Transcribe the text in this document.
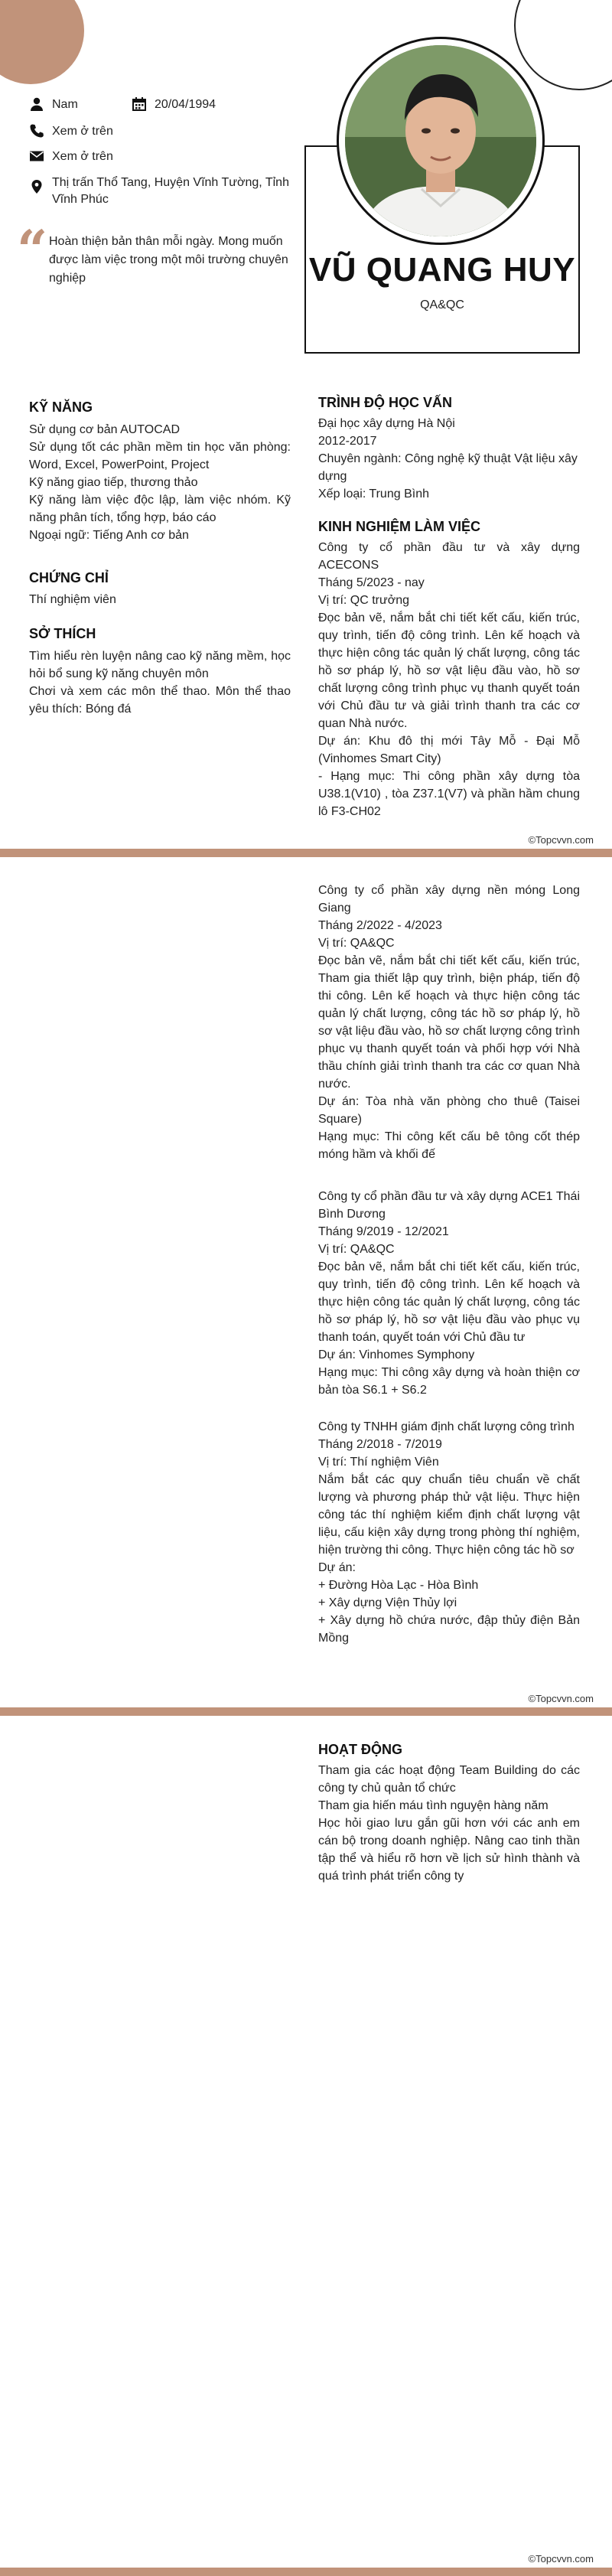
Nam	20/04/1994
Xem ở trên
Xem ở trên
Thị trấn Thổ Tang, Huyện Vĩnh Tường, Tỉnh Vĩnh Phúc
“ Hoàn thiện bản thân mỗi ngày. Mong muốn được làm việc trong một môi trường chuyên nghiệp	VŨ QUANG HUY
QA&QC
KỸ NĂNG

Sử dụng cơ bản AUTOCAD

Sử dụng tốt các phần mềm tin học văn phòng: Word, Excel, PowerPoint, Project

Kỹ năng giao tiếp, thương thảo

Kỹ năng làm việc độc lập, làm việc nhóm. Kỹ năng phân tích, tổng hợp, báo cáo

Ngoại ngữ: Tiếng Anh cơ bản

CHỨNG CHỈ

Thí nghiệm viên

SỞ THÍCH

Tìm hiểu rèn luyện nâng cao kỹ năng mềm, học hỏi bổ sung kỹ năng chuyên môn

Chơi và xem các môn thể thao. Môn thể thao yêu thích: Bóng đá

TRÌNH ĐỘ HỌC VẤN

Đại học xây dựng Hà Nội

2012-2017

Chuyên ngành: Công nghệ kỹ thuật Vật liệu xây dựng

Xếp loại: Trung Bình

KINH NGHIỆM LÀM VIỆC

Công ty cổ phần đầu tư và xây dựng ACECONS

Tháng 5/2023 - nay

Vị trí: QC trưởng

Đọc bản vẽ, nắm bắt chi tiết kết cấu, kiến trúc, quy trình, tiến độ công trình. Lên kế hoạch và thực hiện công tác quản lý chất lượng, công tác hồ sơ pháp lý, hồ sơ vật liệu đầu vào, hồ sơ chất lượng công trình phục vụ thanh quyết toán với Chủ đầu tư và giải trình thanh tra các cơ quan Nhà nước.

Dự án: Khu đô thị mới Tây Mỗ - Đại Mỗ (Vinhomes Smart City)

- Hạng mục: Thi công phần xây dựng tòa U38.1(V10) , tòa Z37.1(V7) và phần hầm chung lô F3-CH02

©Topcvvn.com

Công ty cổ phần xây dựng nền móng Long Giang

Tháng 2/2022 - 4/2023

Vị trí: QA&QC

Đọc bản vẽ, nắm bắt chi tiết kết cấu, kiến trúc, Tham gia thiết lập quy trình, biện pháp, tiến độ thi công. Lên kế hoạch và thực hiện công tác quản lý chất lượng, công tác hồ sơ pháp lý, hồ sơ vật liệu đầu vào, hồ sơ chất lượng công trình phục vụ thanh quyết toán và phối hợp với Nhà thầu chính giải trình thanh tra các cơ quan Nhà nước.

Dự án: Tòa nhà văn phòng cho thuê (Taisei Square)

Hạng mục: Thi công kết cấu bê tông cốt thép móng hầm và khối đế

Công ty cổ phần đầu tư và xây dựng ACE1 Thái Bình Dương

Tháng 9/2019 - 12/2021

Vị trí: QA&QC

Đọc bản vẽ, nắm bắt chi tiết kết cấu, kiến trúc, quy trình, tiến độ công trình. Lên kế hoạch và thực hiện công tác quản lý chất lượng, công tác hồ sơ pháp lý, hồ sơ vật liệu đầu vào phục vụ thanh toán, quyết toán với Chủ đầu tư

Dự án: Vinhomes Symphony

Hạng mục: Thi công xây dựng và hoàn thiện cơ bản tòa S6.1 + S6.2

Công ty TNHH giám định chất lượng công trình

Tháng 2/2018 - 7/2019

Vị trí: Thí nghiệm Viên

Nắm bắt các quy chuẩn tiêu chuẩn về chất lượng và phương pháp thử vật liệu. Thực hiện công tác thí nghiệm kiểm định chất lượng vật liệu, cấu kiện xây dựng trong phòng thí nghiệm, hiện trường thi công. Thực hiện công tác hồ sơ

Dự án:

+ Đường Hòa Lạc - Hòa Bình

+ Xây dựng Viện Thủy lợi

+ Xây dựng hồ chứa nước, đập thủy điện Bản Mồng

©Topcvvn.com
HOẠT ĐỘNG

Tham gia các hoạt động Team Building do các công ty chủ quản tổ chức

Tham gia hiến máu tình nguyện hàng năm

Học hỏi giao lưu gắn gũi hơn với các anh em cán bộ trong doanh nghiệp. Nâng cao tinh thần tập thể và hiểu rõ hơn về lịch sử hình thành và quá trình phát triển công ty

©Topcvvn.com
